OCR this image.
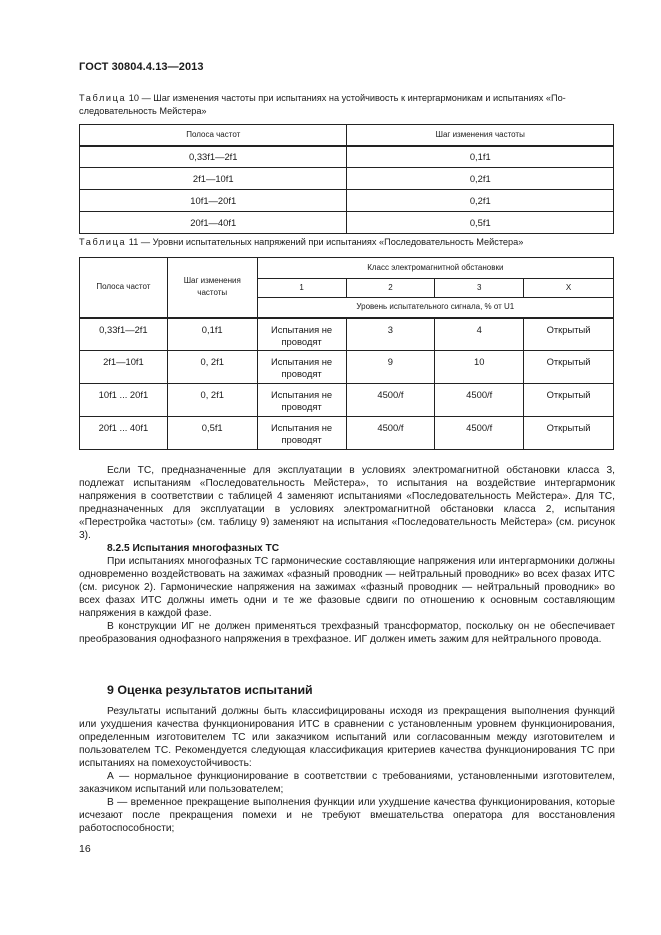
ГОСТ 30804.4.13—2013
Таблица 10 — Шаг изменения частоты при испытаниях на устойчивость к интергармоникам и испытаниях «По-следовательность Мейстера»
Полоса частот	Шаг изменения частоты
0,33f1—2f1	0,1f1
2f1—10f1	0,2f1
10f1—20f1	0,2f1
20f1—40f1	0,5f1
Таблица 11 — Уровни испытательных напряжений при испытаниях «Последовательность Мейстера»
Полоса частот	Шаг изменения частоты	Класс электромагнитной обстановки			
		1	2	3	X
		Уровень испытательного сигнала, % от U1			
0,33f1—2f1	0,1f1	Испытания не проводят	3	4	Открытый
2f1—10f1	0, 2f1	Испытания не проводят	9	10	Открытый
10f1 ... 20f1	0, 2f1	Испытания не проводят	4500/f	4500/f	Открытый
20f1 ... 40f1	0,5f1	Испытания не проводят	4500/f	4500/f	Открытый

Если ТС, предназначенные для эксплуатации в условиях электромагнитной обстановки класса 3, подлежат испытаниям «Последовательность Мейстера», то испытания на воздействие интергармоник напряжения в соответствии с таблицей 4 заменяют испытаниями «Последовательность Мейстера». Для ТС, предназначенных для эксплуатации в условиях электромагнитной обстановки класса 2, испытания «Перестройка частоты» (см. таблицу 9) заменяют на испытания «Последовательность Мейстера» (см. рисунок 3).

8.2.5 Испытания многофазных ТС

При испытаниях многофазных ТС гармонические составляющие напряжения или интергармоники должны одновременно воздействовать на зажимах «фазный проводник — нейтральный проводник» во всех фазах ИТС (см. рисунок 2). Гармонические напряжения на зажимах «фазный проводник — нейтральный проводник» во всех фазах ИТС должны иметь одни и те же фазовые сдвиги по отношению к основным составляющим напряжения в каждой фазе.

В конструкции ИГ не должен применяться трехфазный трансформатор, поскольку он не обеспечивает преобразования однофазного напряжения в трехфазное. ИГ должен иметь зажим для нейтрального провода.

9 Оценка результатов испытаний

Результаты испытаний должны быть классифицированы исходя из прекращения выполнения функций или ухудшения качества функционирования ИТС в сравнении с установленным уровнем функционирования, определенным изготовителем ТС или заказчиком испытаний или согласованным между изготовителем и пользователем ТС. Рекомендуется следующая классификация критериев качества функционирования ТС при испытаниях на помехоустойчивость:

А — нормальное функционирование в соответствии с требованиями, установленными изготовителем, заказчиком испытаний или пользователем;

В — временное прекращение выполнения функции или ухудшение качества функционирования, которые исчезают после прекращения помехи и не требуют вмешательства оператора для восстановления работоспособности;

16
